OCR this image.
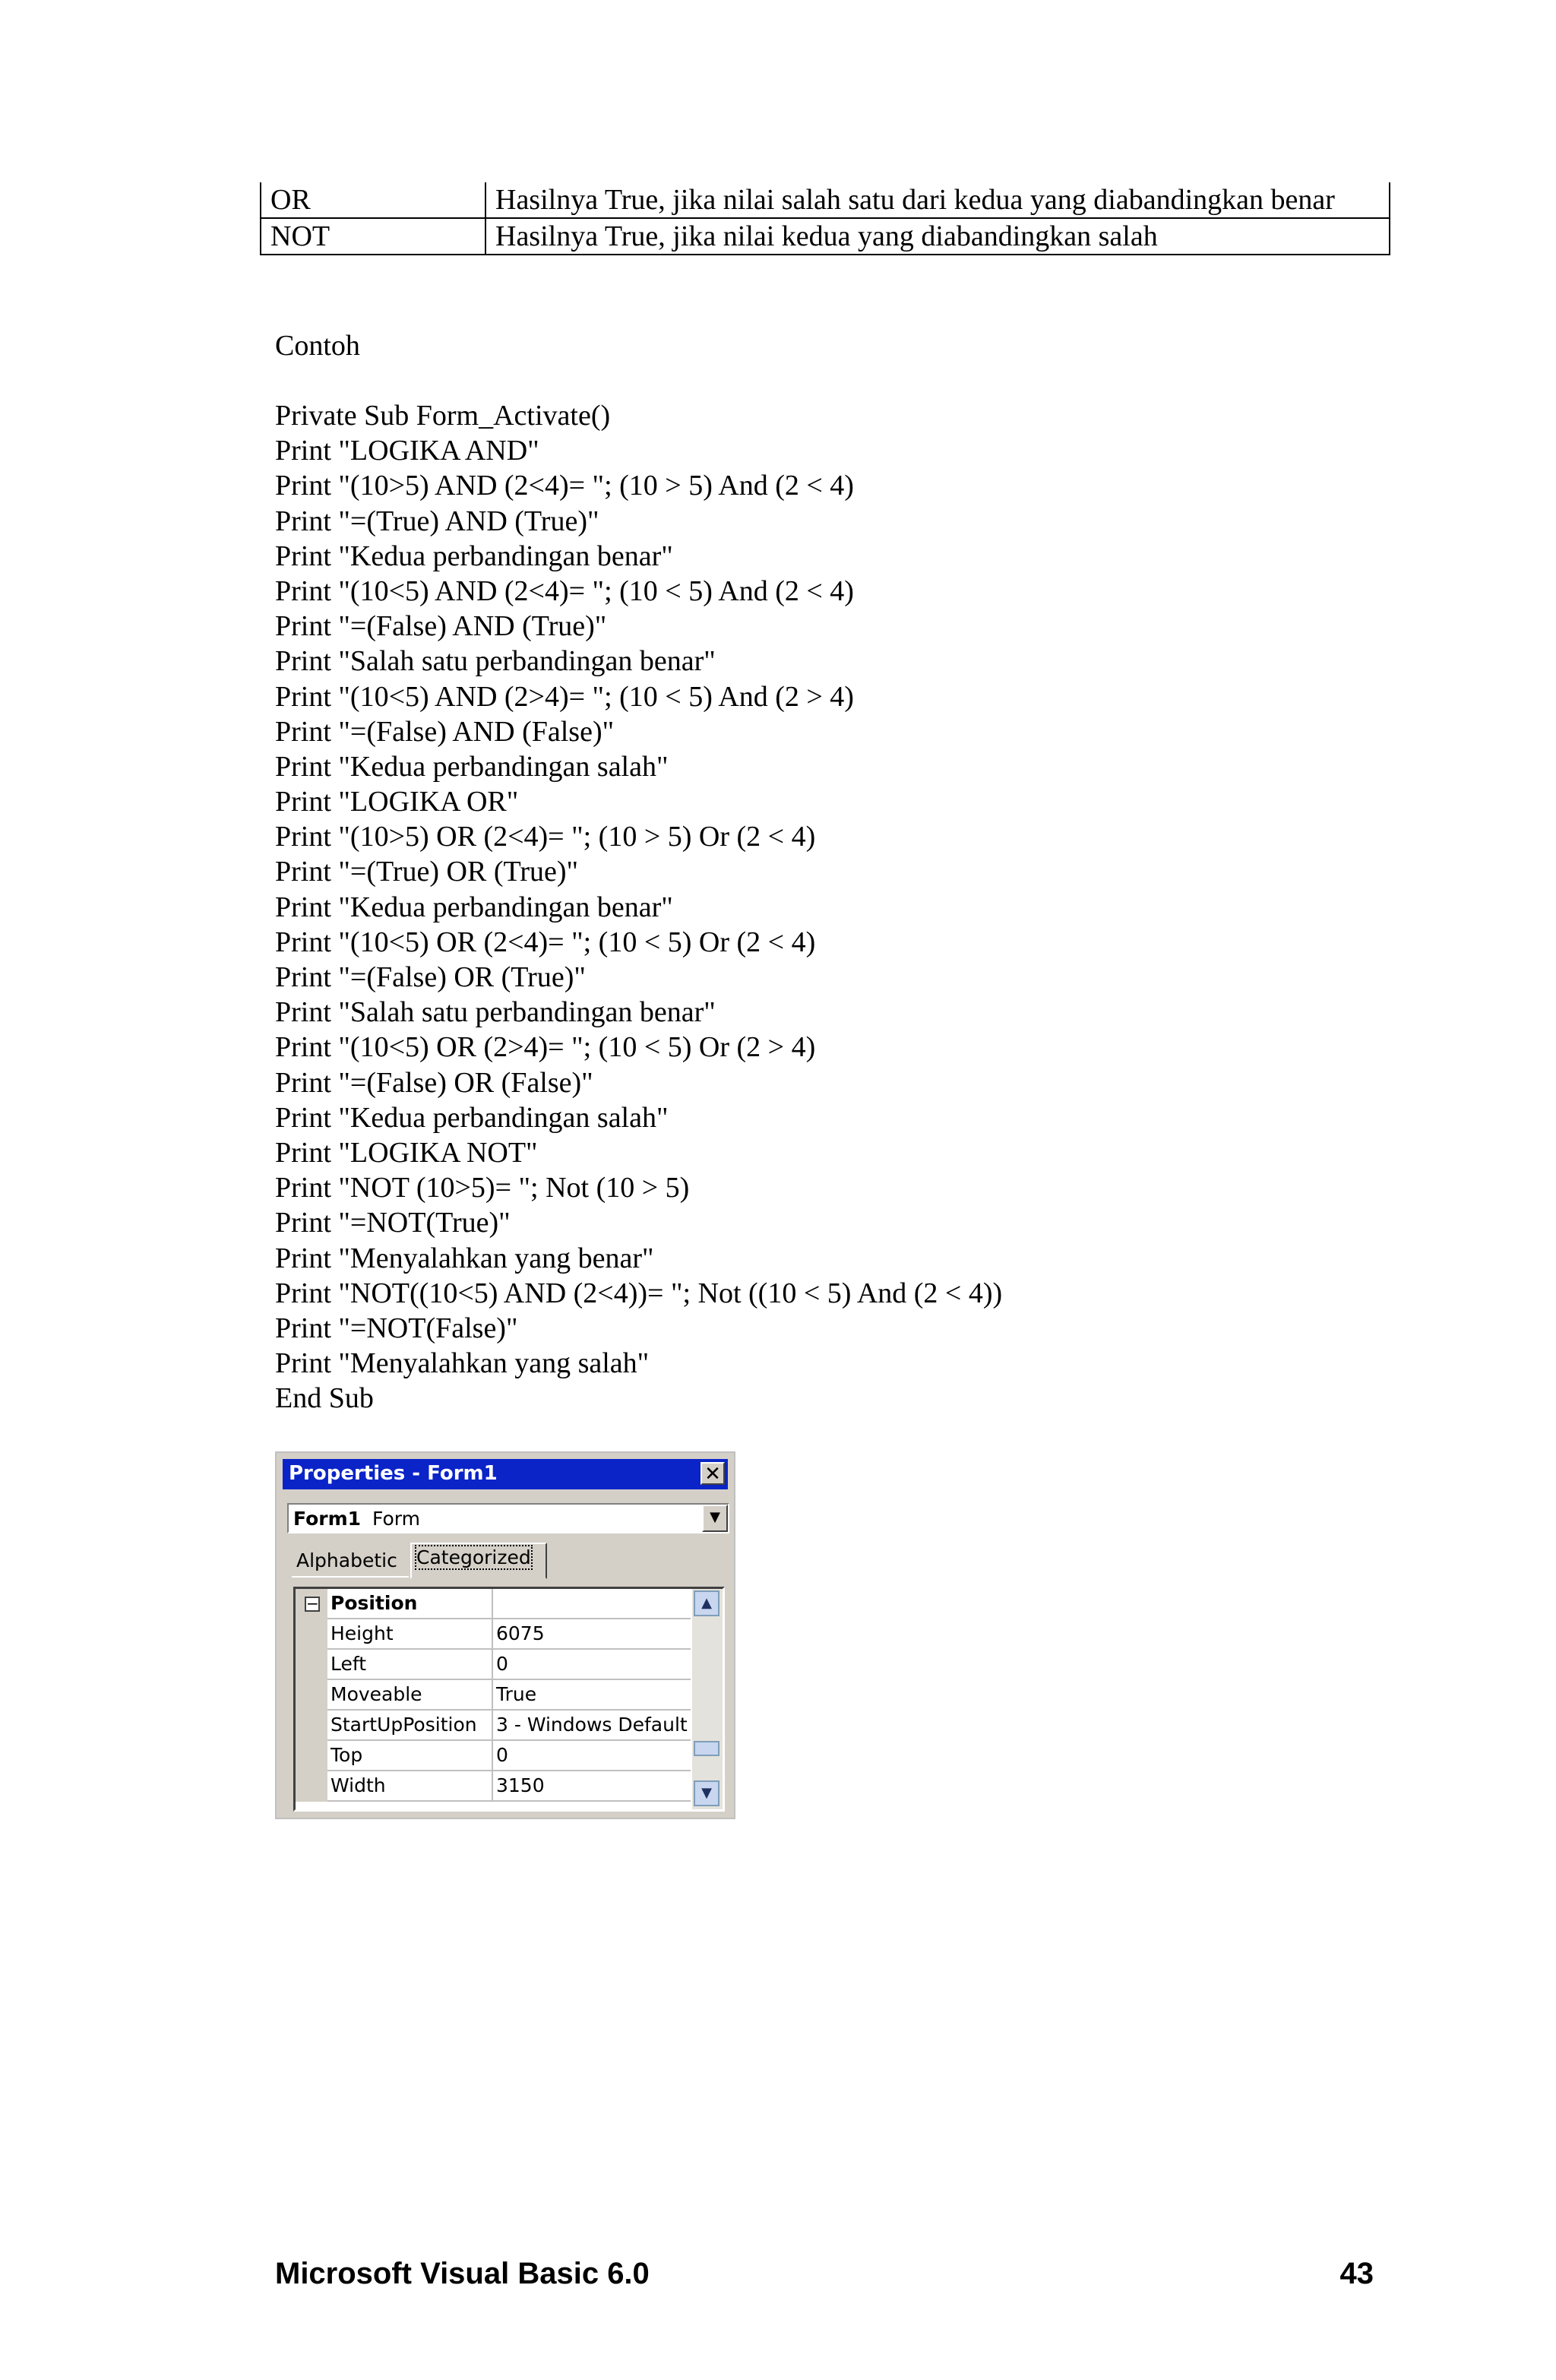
OR	Hasilnya True, jika nilai salah satu dari kedua yang diabandingkan benar
NOT	Hasilnya True, jika nilai kedua yang diabandingkan salah
Contoh
Private Sub Form_Activate()
Print "LOGIKA AND"
Print "(10>5) AND (2<4)= "; (10 > 5) And (2 < 4)
Print "=(True) AND (True)"
Print "Kedua perbandingan benar"
Print "(10<5) AND (2<4)= "; (10 < 5) And (2 < 4)
Print "=(False) AND (True)"
Print "Salah satu perbandingan benar"
Print "(10<5) AND (2>4)= "; (10 < 5) And (2 > 4)
Print "=(False) AND (False)"
Print "Kedua perbandingan salah"
Print "LOGIKA OR"
Print "(10>5) OR (2<4)= "; (10 > 5) Or (2 < 4)
Print "=(True) OR (True)"
Print "Kedua perbandingan benar"
Print "(10<5) OR (2<4)= "; (10 < 5) Or (2 < 4)
Print "=(False) OR (True)"
Print "Salah satu perbandingan benar"
Print "(10<5) OR (2>4)= "; (10 < 5) Or (2 > 4)
Print "=(False) OR (False)"
Print "Kedua perbandingan salah"
Print "LOGIKA NOT"
Print "NOT (10>5)= "; Not (10 > 5)
Print "=NOT(True)"
Print "Menyalahkan yang benar"
Print "NOT((10<5) AND (2<4))= "; Not ((10 < 5) And (2 < 4))
Print "=NOT(False)"
Print "Menyalahkan yang salah"
End Sub
Properties - Form1	✕
Form1 Form	▼
Alphabetic	Categorized
− Position
Height	6075
Left	0
Moveable	True
StartUpPosition	3 - Windows Default
Top	0
Width	3150
▲
▼
Microsoft Visual Basic 6.0	43
